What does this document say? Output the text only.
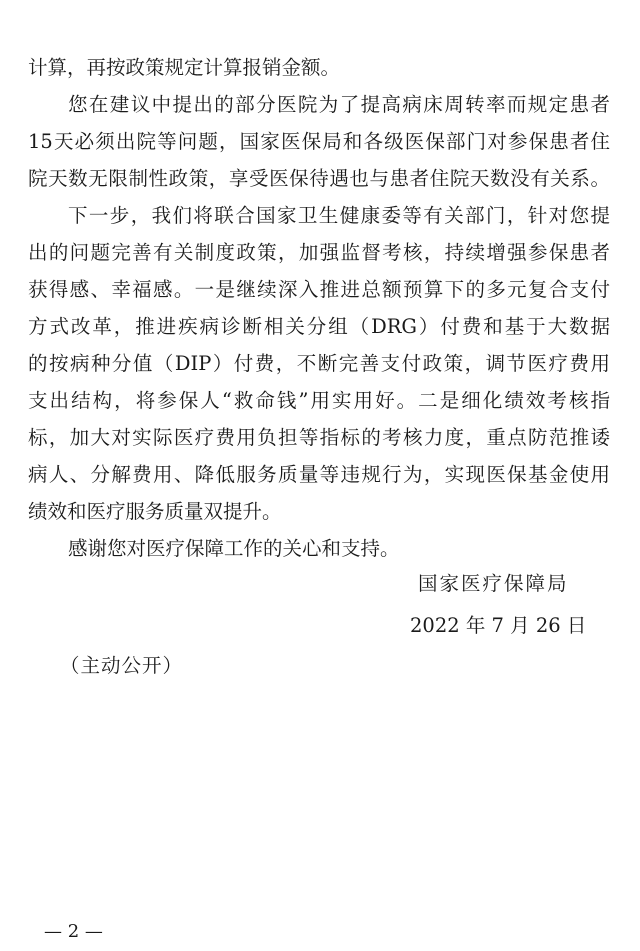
计算，再按政策规定计算报销金额。
您在建议中提出的部分医院为了提高病床周转率而规定患者
15天必须出院等问题，国家医保局和各级医保部门对参保患者住
院天数无限制性政策，享受医保待遇也与患者住院天数没有关系。
下一步，我们将联合国家卫生健康委等有关部门，针对您提
出的问题完善有关制度政策，加强监督考核，持续增强参保患者
获得感、幸福感。一是继续深入推进总额预算下的多元复合支付
方式改革，推进疾病诊断相关分组（DRG）付费和基于大数据
的按病种分值（DIP）付费，不断完善支付政策，调节医疗费用
支出结构，将参保人“救命钱”用实用好。二是细化绩效考核指
标，加大对实际医疗费用负担等指标的考核力度，重点防范推诿
病人、分解费用、降低服务质量等违规行为，实现医保基金使用
绩效和医疗服务质量双提升。
感谢您对医疗保障工作的关心和支持。
国家医疗保障局
2022 年 7 月 26 日
（主动公开）
— 2 —
